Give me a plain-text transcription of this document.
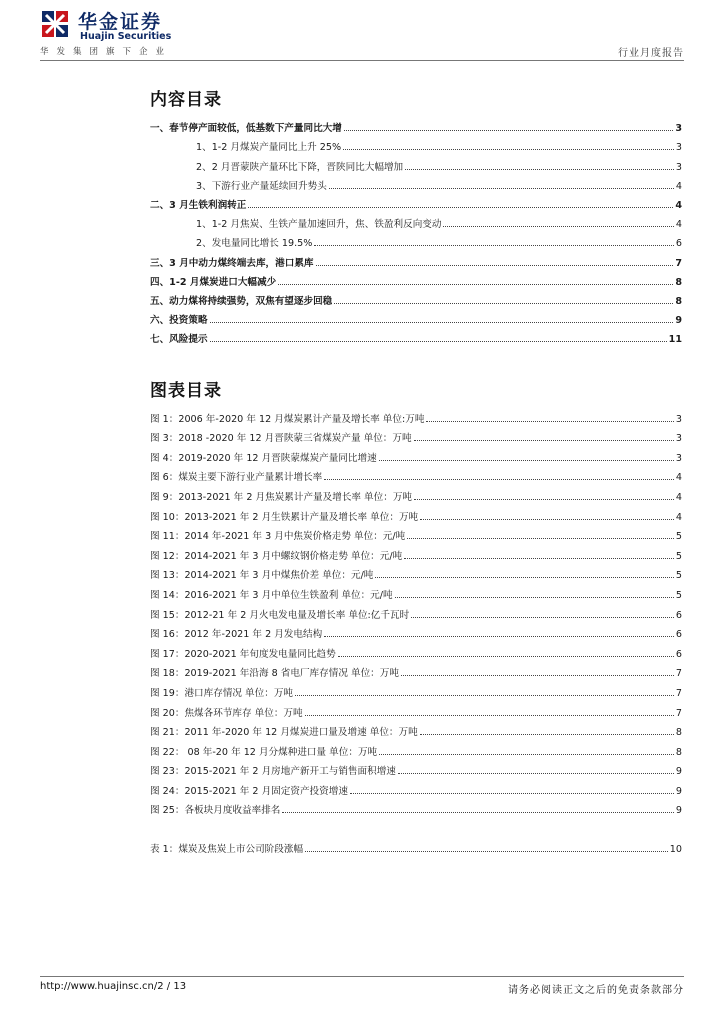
华金证券
Huajin Securities
华发集团旗下企业	行业月度报告
内容目录
一、春节停产面较低，低基数下产量同比大增	3
1、1-2 月煤炭产量同比上升 25%	3
2、2 月晋蒙陕产量环比下降，晋陕同比大幅增加	3
3、下游行业产量延续回升势头	4
二、3 月生铁利润转正	4
1、1-2 月焦炭、生铁产量加速回升，焦、铁盈利反向变动	4
2、发电量同比增长 19.5%	6
三、3 月中动力煤终端去库，港口累库	7
四、1-2 月煤炭进口大幅减少	8
五、动力煤将持续强势，双焦有望逐步回稳	8
六、投资策略	9
七、风险提示	11
图表目录
图 1：2006 年-2020 年 12 月煤炭累计产量及增长率 单位:万吨	3
图 3：2018 -2020 年 12 月晋陕蒙三省煤炭产量 单位：万吨	3
图 4：2019-2020 年 12 月晋陕蒙煤炭产量同比增速	3
图 6：煤炭主要下游行业产量累计增长率	4
图 9：2013-2021 年 2 月焦炭累计产量及增长率 单位：万吨	4
图 10：2013-2021 年 2 月生铁累计产量及增长率 单位：万吨	4
图 11：2014 年-2021 年 3 月中焦炭价格走势 单位：元/吨	5
图 12：2014-2021 年 3 月中螺纹钢价格走势 单位：元/吨	5
图 13：2014-2021 年 3 月中煤焦价差 单位：元/吨	5
图 14：2016-2021 年 3 月中单位生铁盈利 单位：元/吨	5
图 15：2012-21 年 2 月火电发电量及增长率 单位:亿千瓦时	6
图 16：2012 年-2021 年 2 月发电结构	6
图 17：2020-2021 年旬度发电量同比趋势	6
图 18：2019-2021 年沿海 8 省电厂库存情况 单位：万吨	7
图 19：港口库存情况 单位：万吨	7
图 20：焦煤各环节库存 单位：万吨	7
图 21：2011 年-2020 年 12 月煤炭进口量及增速 单位：万吨	8
图 22： 08 年-20 年 12 月分煤种进口量 单位：万吨	8
图 23：2015-2021 年 2 月房地产新开工与销售面积增速	9
图 24：2015-2021 年 2 月固定资产投资增速	9
图 25：各板块月度收益率排名	9
表 1：煤炭及焦炭上市公司阶段涨幅	10
http://www.huajinsc.cn/2 / 13	请务必阅读正文之后的免责条款部分
